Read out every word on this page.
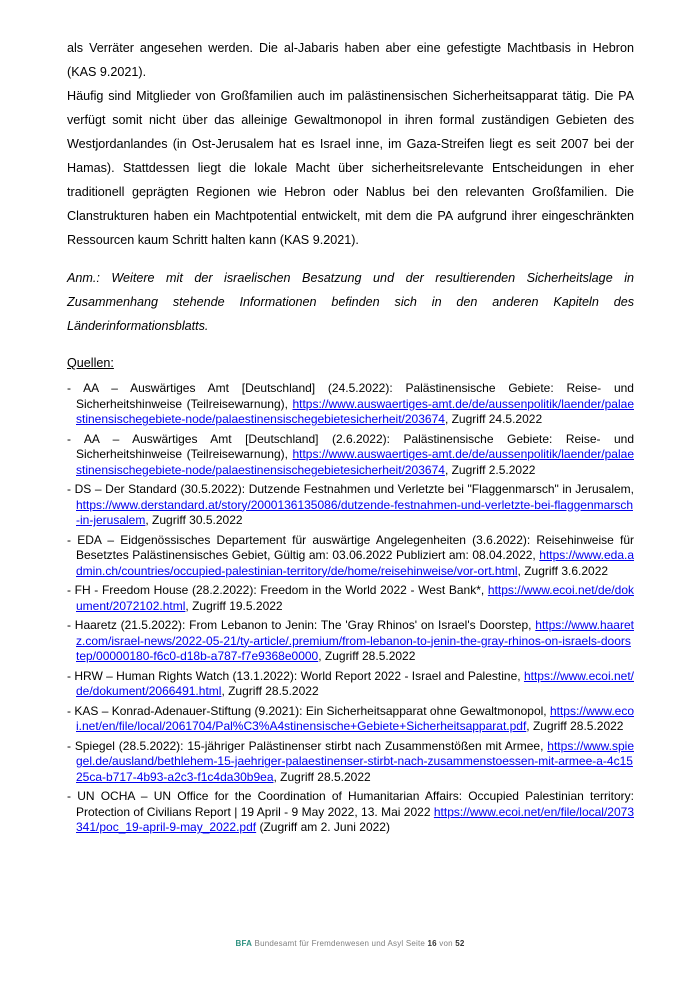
als Verräter angesehen werden. Die al-Jabaris haben aber eine gefestigte Machtbasis in Hebron (KAS 9.2021).

Häufig sind Mitglieder von Großfamilien auch im palästinensischen Sicherheitsapparat tätig. Die PA verfügt somit nicht über das alleinige Gewaltmonopol in ihren formal zuständigen Gebieten des Westjordanlandes (in Ost-Jerusalem hat es Israel inne, im Gaza-Streifen liegt es seit 2007 bei der Hamas). Stattdessen liegt die lokale Macht über sicherheitsrelevante Entscheidungen in eher traditionell geprägten Regionen wie Hebron oder Nablus bei den relevanten Großfamilien. Die Clanstrukturen haben ein Machtpotential entwickelt, mit dem die PA aufgrund ihrer eingeschränkten Ressourcen kaum Schritt halten kann (KAS 9.2021).

Anm.: Weitere mit der israelischen Besatzung und der resultierenden Sicherheitslage in Zusammenhang stehende Informationen befinden sich in den anderen Kapiteln des Länderinformationsblatts.

Quellen:

- AA – Auswärtiges Amt [Deutschland] (24.5.2022): Palästinensische Gebiete: Reise- und Sicherheitshinweise (Teilreisewarnung), https://www.auswaertiges-amt.de/de/aussenpolitik/laender/palaestinensischegebiete-node/palaestinensischegebietesicherheit/203674, Zugriff 24.5.2022
- AA – Auswärtiges Amt [Deutschland] (2.6.2022): Palästinensische Gebiete: Reise- und Sicherheitshinweise (Teilreisewarnung), https://www.auswaertiges-amt.de/de/aussenpolitik/laender/palaestinensischegebiete-node/palaestinensischegebietesicherheit/203674, Zugriff 2.5.2022
- DS – Der Standard (30.5.2022): Dutzende Festnahmen und Verletzte bei "Flaggenmarsch" in Jerusalem, https://www.derstandard.at/story/2000136135086/dutzende-festnahmen-und-verletzte-bei-flaggenmarsch-in-jerusalem, Zugriff 30.5.2022
- EDA – Eidgenössisches Departement für auswärtige Angelegenheiten (3.6.2022): Reisehinweise für Besetztes Palästinensisches Gebiet, Gültig am: 03.06.2022 Publiziert am: 08.04.2022, https://www.eda.admin.ch/countries/occupied-palestinian-territory/de/home/reisehinweise/vor-ort.html, Zugriff 3.6.2022
- FH - Freedom House (28.2.2022): Freedom in the World 2022 - West Bank*, https://www.ecoi.net/de/dokument/2072102.html, Zugriff 19.5.2022
- Haaretz (21.5.2022): From Lebanon to Jenin: The 'Gray Rhinos' on Israel's Doorstep, https://www.haaretz.com/israel-news/2022-05-21/ty-article/.premium/from-lebanon-to-jenin-the-gray-rhinos-on-israels-doorstep/00000180-f6c0-d18b-a787-f7e9368e0000, Zugriff 28.5.2022
- HRW – Human Rights Watch (13.1.2022): World Report 2022 - Israel and Palestine, https://www.ecoi.net/de/dokument/2066491.html, Zugriff 28.5.2022
- KAS – Konrad-Adenauer-Stiftung (9.2021): Ein Sicherheitsapparat ohne Gewaltmonopol, https://www.ecoi.net/en/file/local/2061704/Pal%C3%A4stinensische+Gebiete+Sicherheitsapparat.pdf, Zugriff 28.5.2022
- Spiegel (28.5.2022): 15-jähriger Palästinenser stirbt nach Zusammenstößen mit Armee, https://www.spiegel.de/ausland/bethlehem-15-jaehriger-palaestinenser-stirbt-nach-zusammenstoessen-mit-armee-a-4c1525ca-b717-4b93-a2c3-f1c4da30b9ea, Zugriff 28.5.2022
- UN OCHA – UN Office for the Coordination of Humanitarian Affairs: Occupied Palestinian territory: Protection of Civilians Report | 19 April - 9 May 2022, 13. Mai 2022 https://www.ecoi.net/en/file/local/2073341/poc_19-april-9-may_2022.pdf (Zugriff am 2. Juni 2022)
BFA Bundesamt für Fremdenwesen und Asyl Seite 16 von 52
